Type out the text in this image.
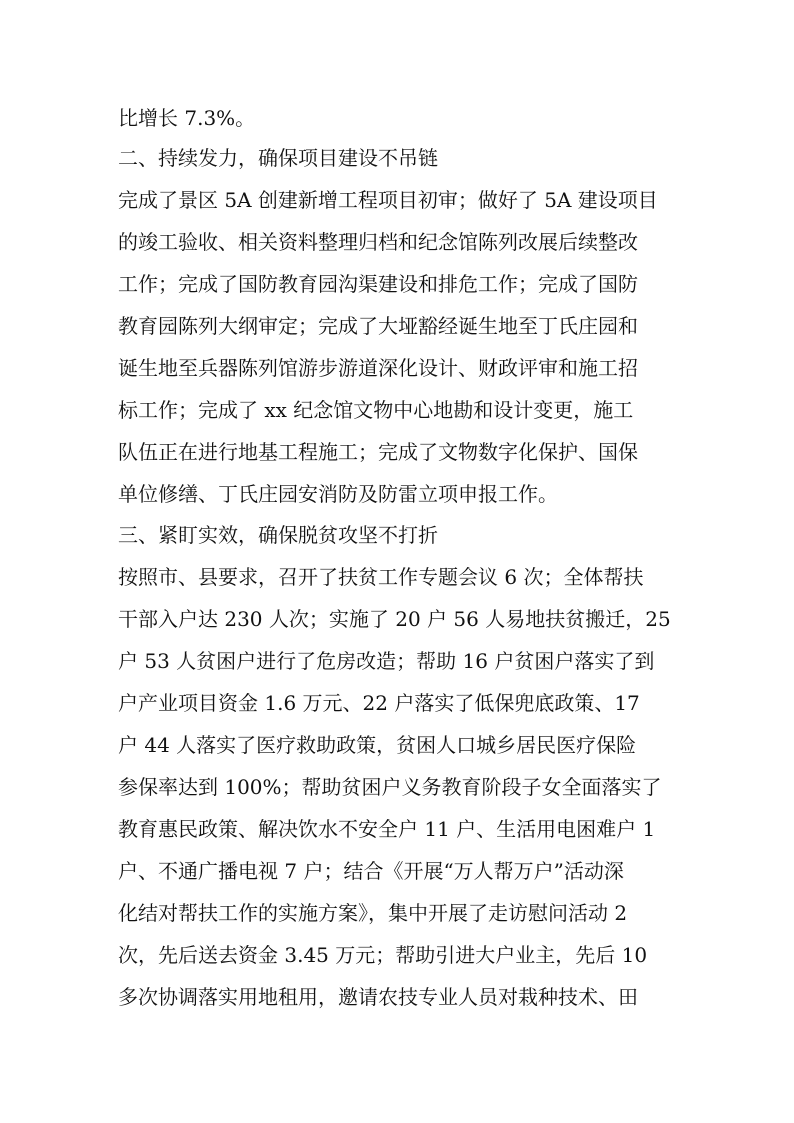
比增长 7.3%。
二、持续发力，确保项目建设不吊链
完成了景区 5A 创建新增工程项目初审；做好了 5A 建设项目
的竣工验收、相关资料整理归档和纪念馆陈列改展后续整改
工作；完成了国防教育园沟渠建设和排危工作；完成了国防
教育园陈列大纲审定；完成了大垭豁经诞生地至丁氏庄园和
诞生地至兵器陈列馆游步游道深化设计、财政评审和施工招
标工作；完成了 xx 纪念馆文物中心地勘和设计变更，施工
队伍正在进行地基工程施工；完成了文物数字化保护、国保
单位修缮、丁氏庄园安消防及防雷立项申报工作。
三、紧盯实效，确保脱贫攻坚不打折
按照市、县要求，召开了扶贫工作专题会议 6 次；全体帮扶
干部入户达 230 人次；实施了 20 户 56 人易地扶贫搬迁，25
户 53 人贫困户进行了危房改造；帮助 16 户贫困户落实了到
户产业项目资金 1.6 万元、22 户落实了低保兜底政策、17
户 44 人落实了医疗救助政策，贫困人口城乡居民医疗保险
参保率达到 100%；帮助贫困户义务教育阶段子女全面落实了
教育惠民政策、解决饮水不安全户 11 户、生活用电困难户 1
户、不通广播电视 7 户；结合《开展“万人帮万户”活动深
化结对帮扶工作的实施方案》，集中开展了走访慰问活动 2
次，先后送去资金 3.45 万元；帮助引进大户业主，先后 10
多次协调落实用地租用，邀请农技专业人员对栽种技术、田
